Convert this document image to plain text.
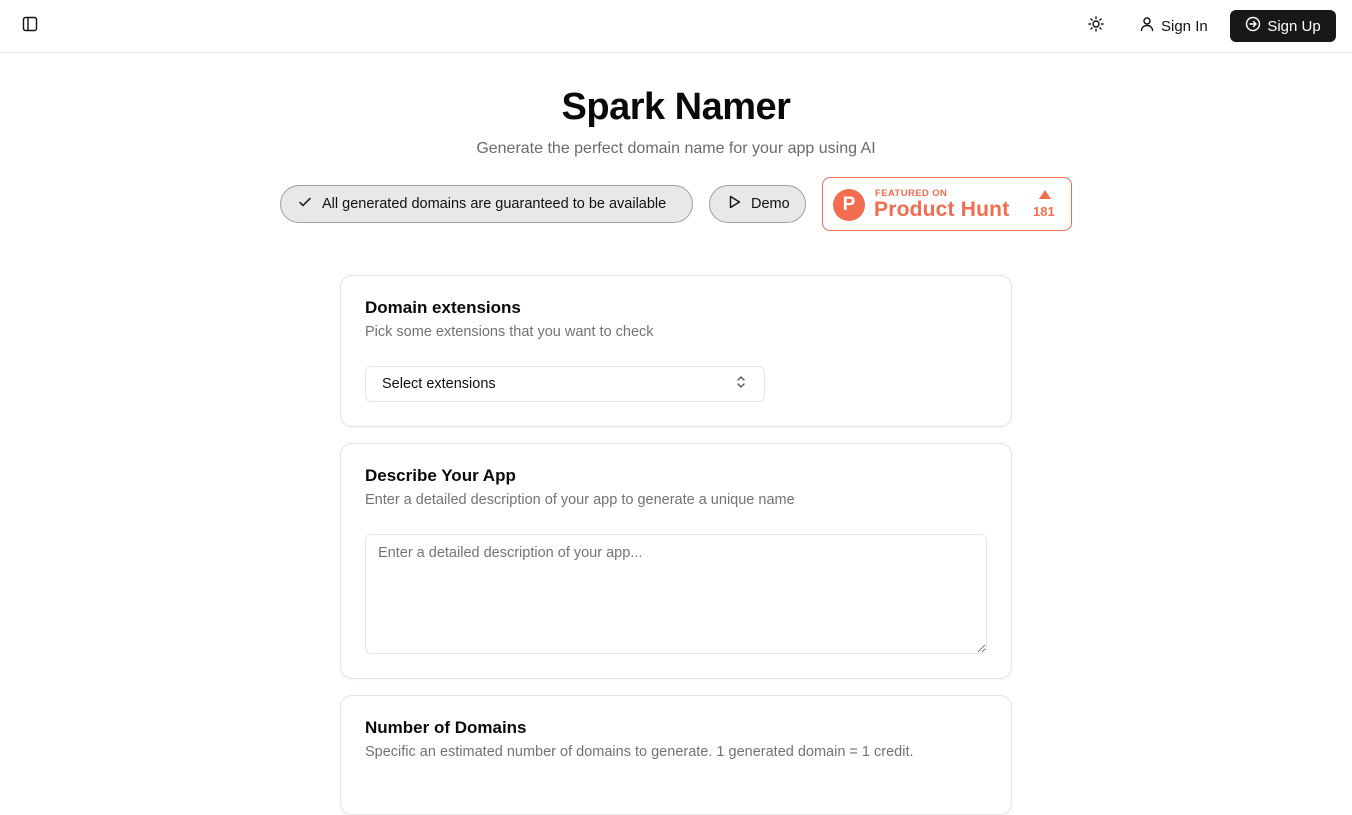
Sign In	Sign Up
Spark Namer
Generate the perfect domain name for your app using AI
All generated domains are guaranteed to be available	Demo	P
FEATURED ON
Product Hunt 181
Domain extensions

Pick some extensions that you want to check

Select extensions
Describe Your App

Enter a detailed description of your app to generate a unique name

Enter a detailed description of your app...
Number of Domains

Specific an estimated number of domains to generate. 1 generated domain = 1 credit.
